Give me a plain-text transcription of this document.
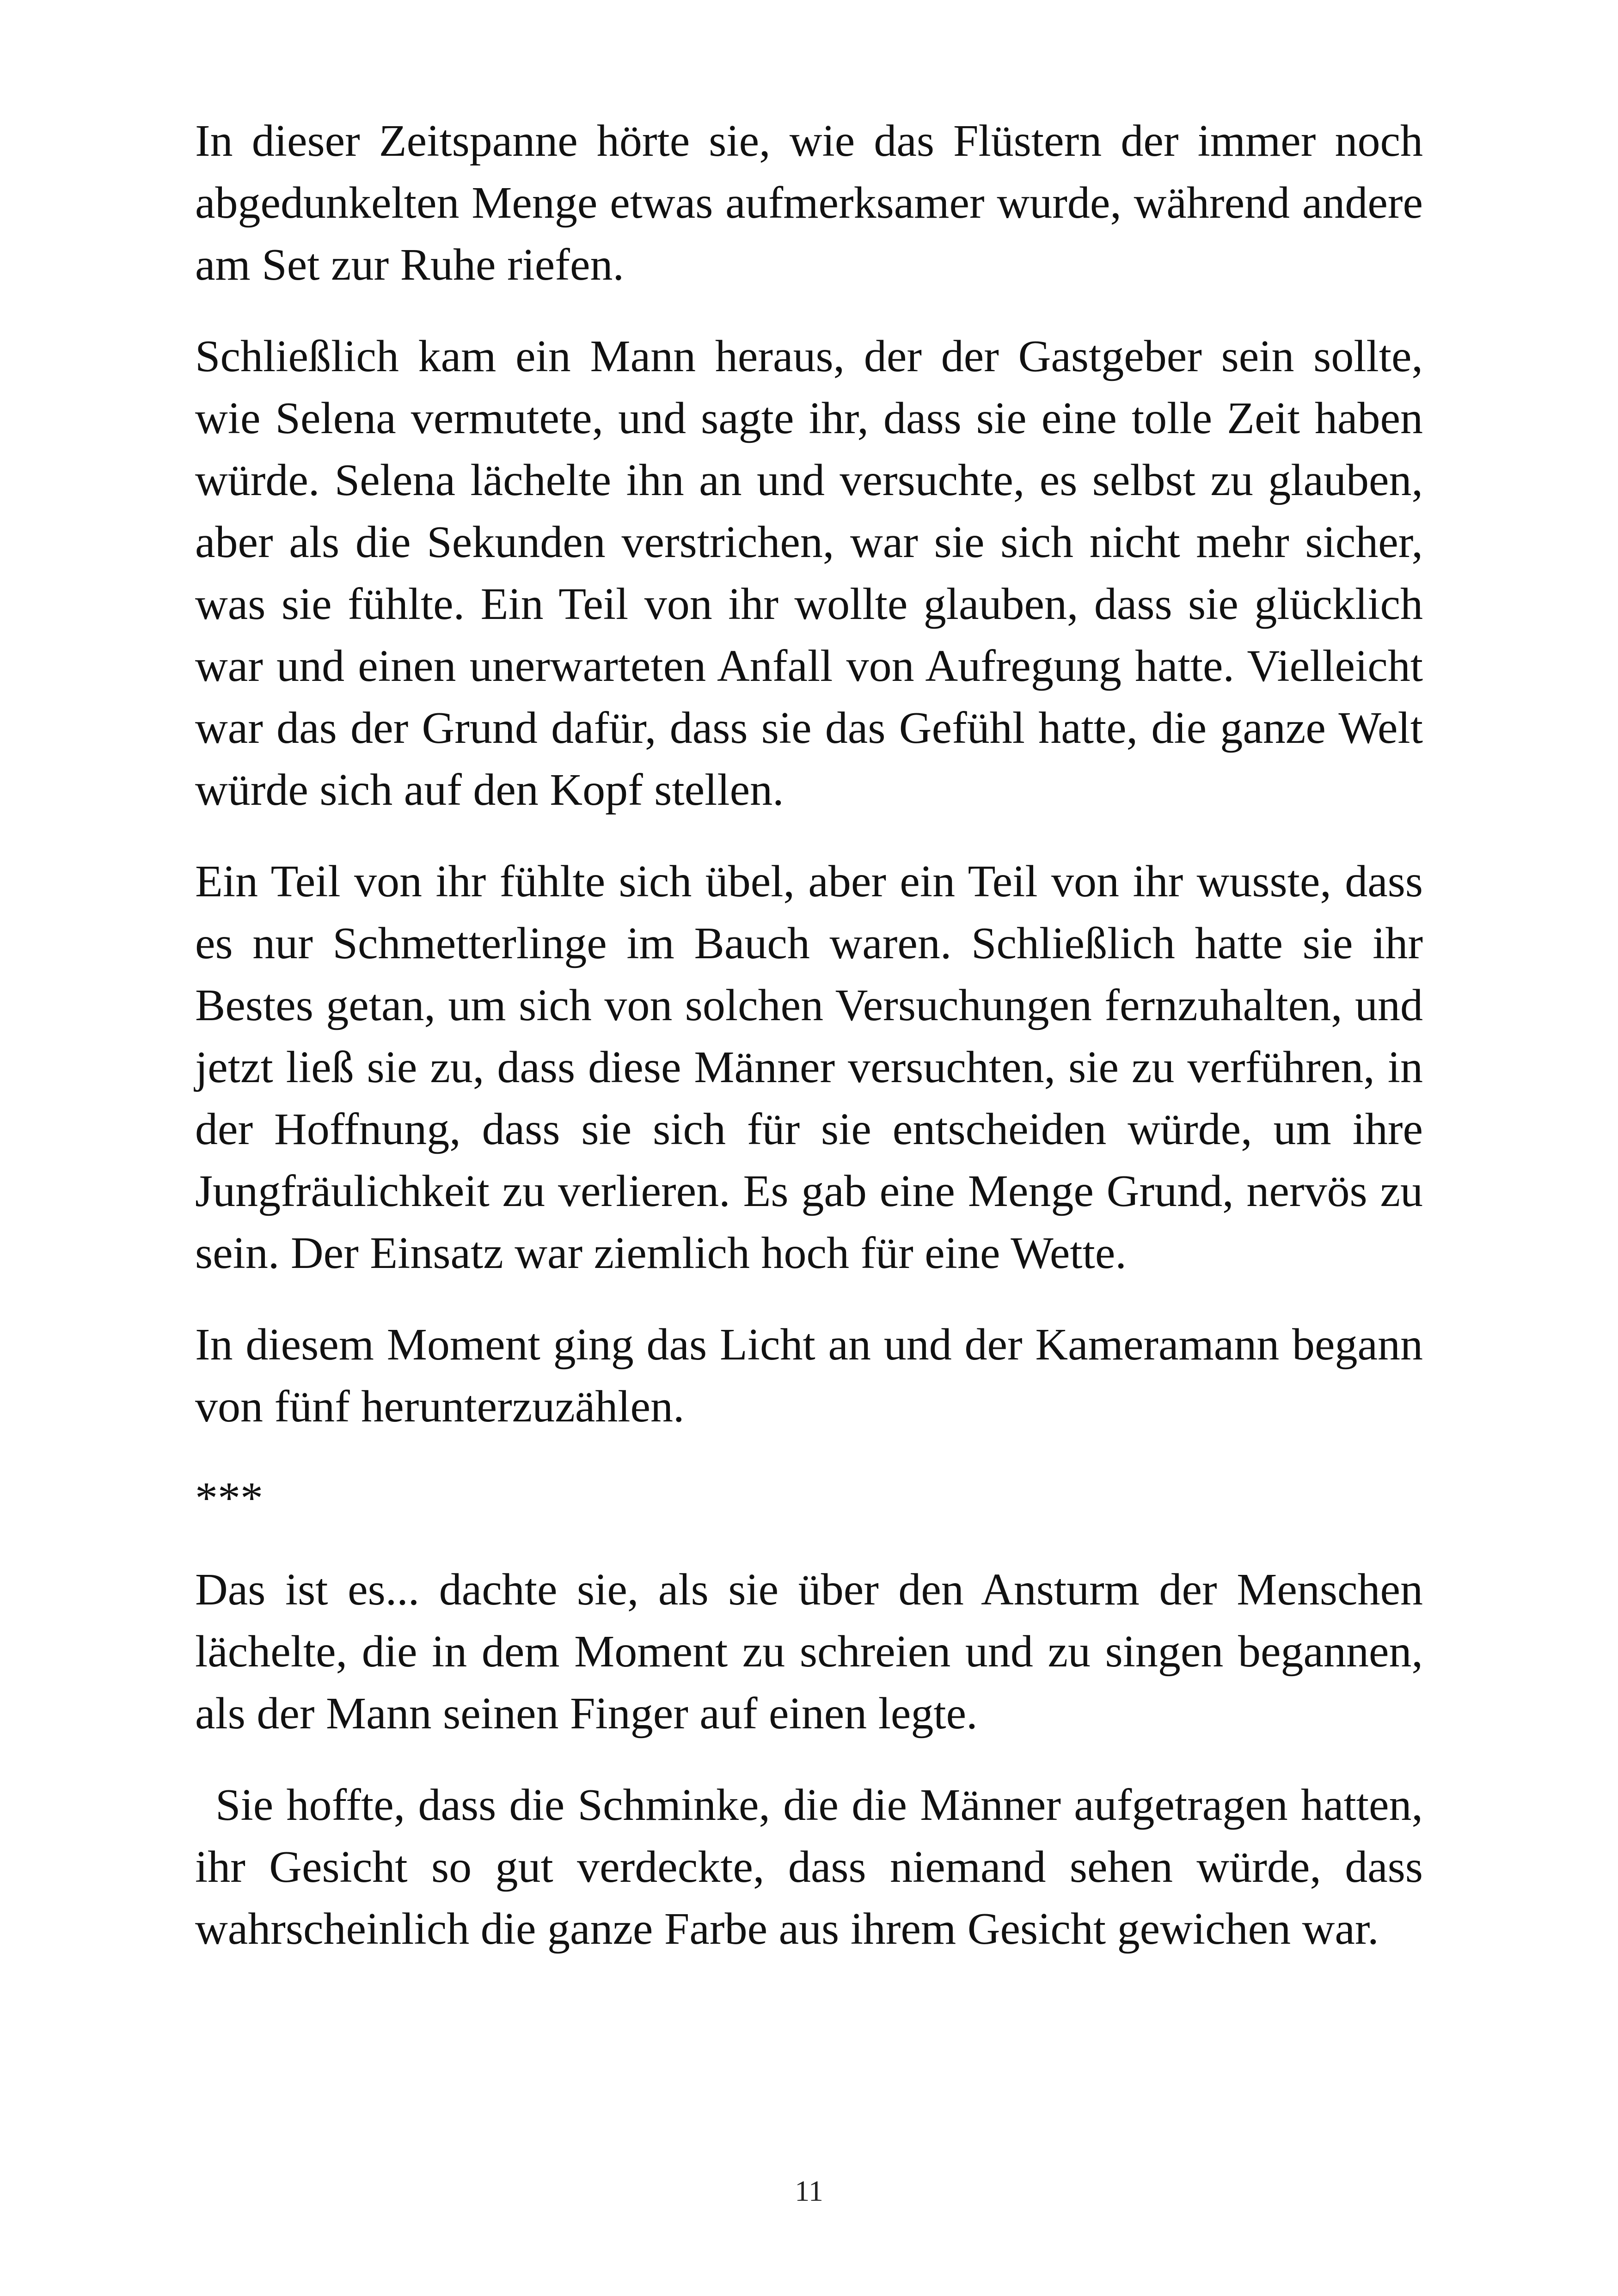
In dieser Zeitspanne hörte sie, wie das Flüstern der immer noch abgedunkelten Menge etwas aufmerksamer wurde, während andere am Set zur Ruhe riefen.

Schließlich kam ein Mann heraus, der der Gastgeber sein sollte, wie Selena vermutete, und sagte ihr, dass sie eine tolle Zeit haben würde. Selena lächelte ihn an und versuchte, es selbst zu glauben, aber als die Sekunden verstrichen, war sie sich nicht mehr sicher, was sie fühlte. Ein Teil von ihr wollte glauben, dass sie glücklich war und einen unerwarteten Anfall von Aufregung hatte. Vielleicht war das der Grund dafür, dass sie das Gefühl hatte, die ganze Welt würde sich auf den Kopf stellen.

Ein Teil von ihr fühlte sich übel, aber ein Teil von ihr wusste, dass es nur Schmetterlinge im Bauch waren. Schließlich hatte sie ihr Bestes getan, um sich von solchen Versuchungen fernzuhalten, und jetzt ließ sie zu, dass diese Männer versuchten, sie zu verführen, in der Hoffnung, dass sie sich für sie entscheiden würde, um ihre Jungfräulichkeit zu verlieren. Es gab eine Menge Grund, nervös zu sein. Der Einsatz war ziemlich hoch für eine Wette.

In diesem Moment ging das Licht an und der Kameramann begann von fünf herunterzuzählen.

***

Das ist es... dachte sie, als sie über den Ansturm der Menschen lächelte, die in dem Moment zu schreien und zu singen begannen, als der Mann seinen Finger auf einen legte.

Sie hoffte, dass die Schminke, die die Männer aufgetragen hatten, ihr Gesicht so gut verdeckte, dass niemand sehen würde, dass wahrscheinlich die ganze Farbe aus ihrem Gesicht gewichen war.

11
